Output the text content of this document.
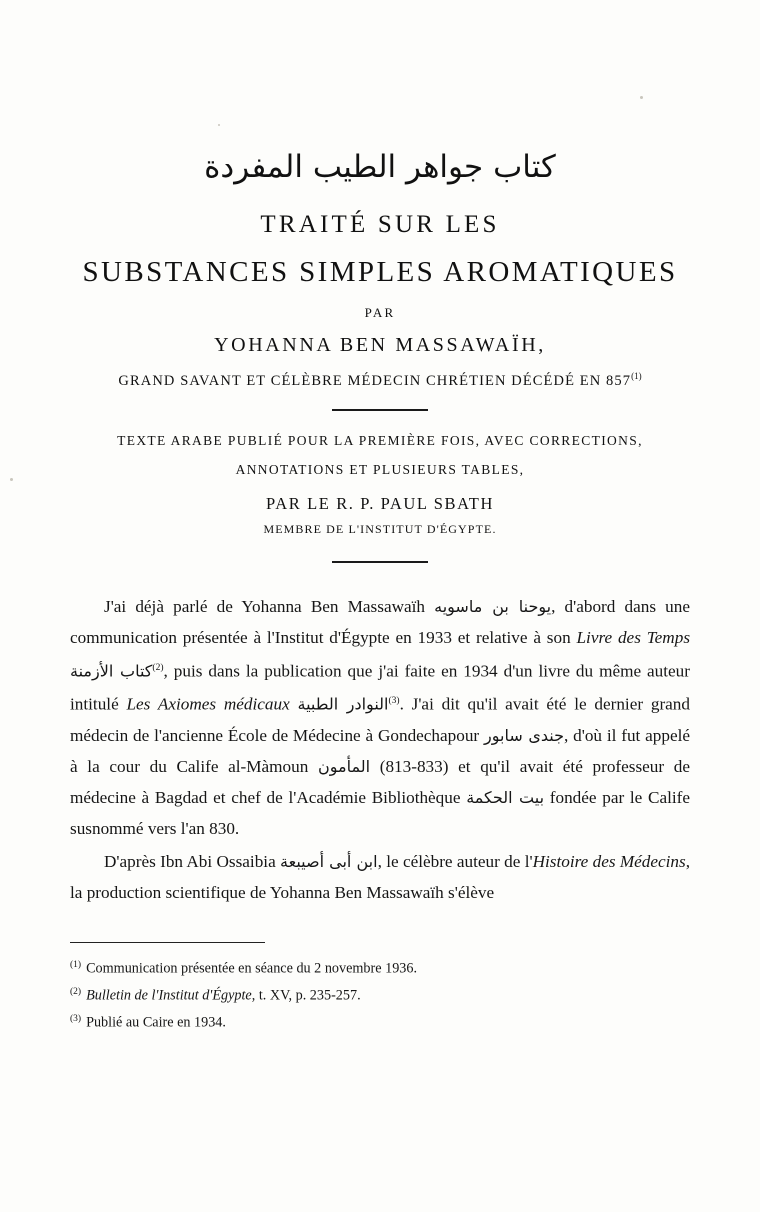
كتاب جواهر الطيب المفردة
TRAITÉ SUR LES
SUBSTANCES SIMPLES AROMATIQUES
PAR
YOHANNA BEN MASSAWAÏH,
GRAND SAVANT ET CÉLÈBRE MÉDECIN CHRÉTIEN DÉCÉDÉ EN 857$^{(1)}$
TEXTE ARABE PUBLIÉ POUR LA PREMIÈRE FOIS, AVEC CORRECTIONS,
ANNOTATIONS ET PLUSIEURS TABLES,
PAR LE R. P. PAUL SBATH
MEMBRE DE L'INSTITUT D'ÉGYPTE.

J'ai déjà parlé de Yohanna Ben Massawaïh يوحنا بن ماسويه, d'abord dans une communication présentée à l'Institut d'Égypte en 1933 et relative à son Livre des Temps كتاب الأزمنة$^{(2)}$, puis dans la publication que j'ai faite en 1934 d'un livre du même auteur intitulé Les Axiomes médicaux النوادر الطبية$^{(3)}$. J'ai dit qu'il avait été le dernier grand médecin de l'ancienne École de Médecine à Gondechapour جندى سابور, d'où il fut appelé à la cour du Calife al-Màmoun المأمون (813-833) et qu'il avait été professeur de médecine à Bagdad et chef de l'Académie Bibliothèque بيت الحكمة fondée par le Calife susnommé vers l'an 830.

D'après Ibn Abi Ossaibia ابن أبى أصيبعة, le célèbre auteur de l'Histoire des Médecins, la production scientifique de Yohanna Ben Massawaïh s'élève

$^{(1)}$ Communication présentée en séance du 2 novembre 1936.
$^{(2)}$ Bulletin de l'Institut d'Égypte, t. XV, p. 235-257.
$^{(3)}$ Publié au Caire en 1934.
